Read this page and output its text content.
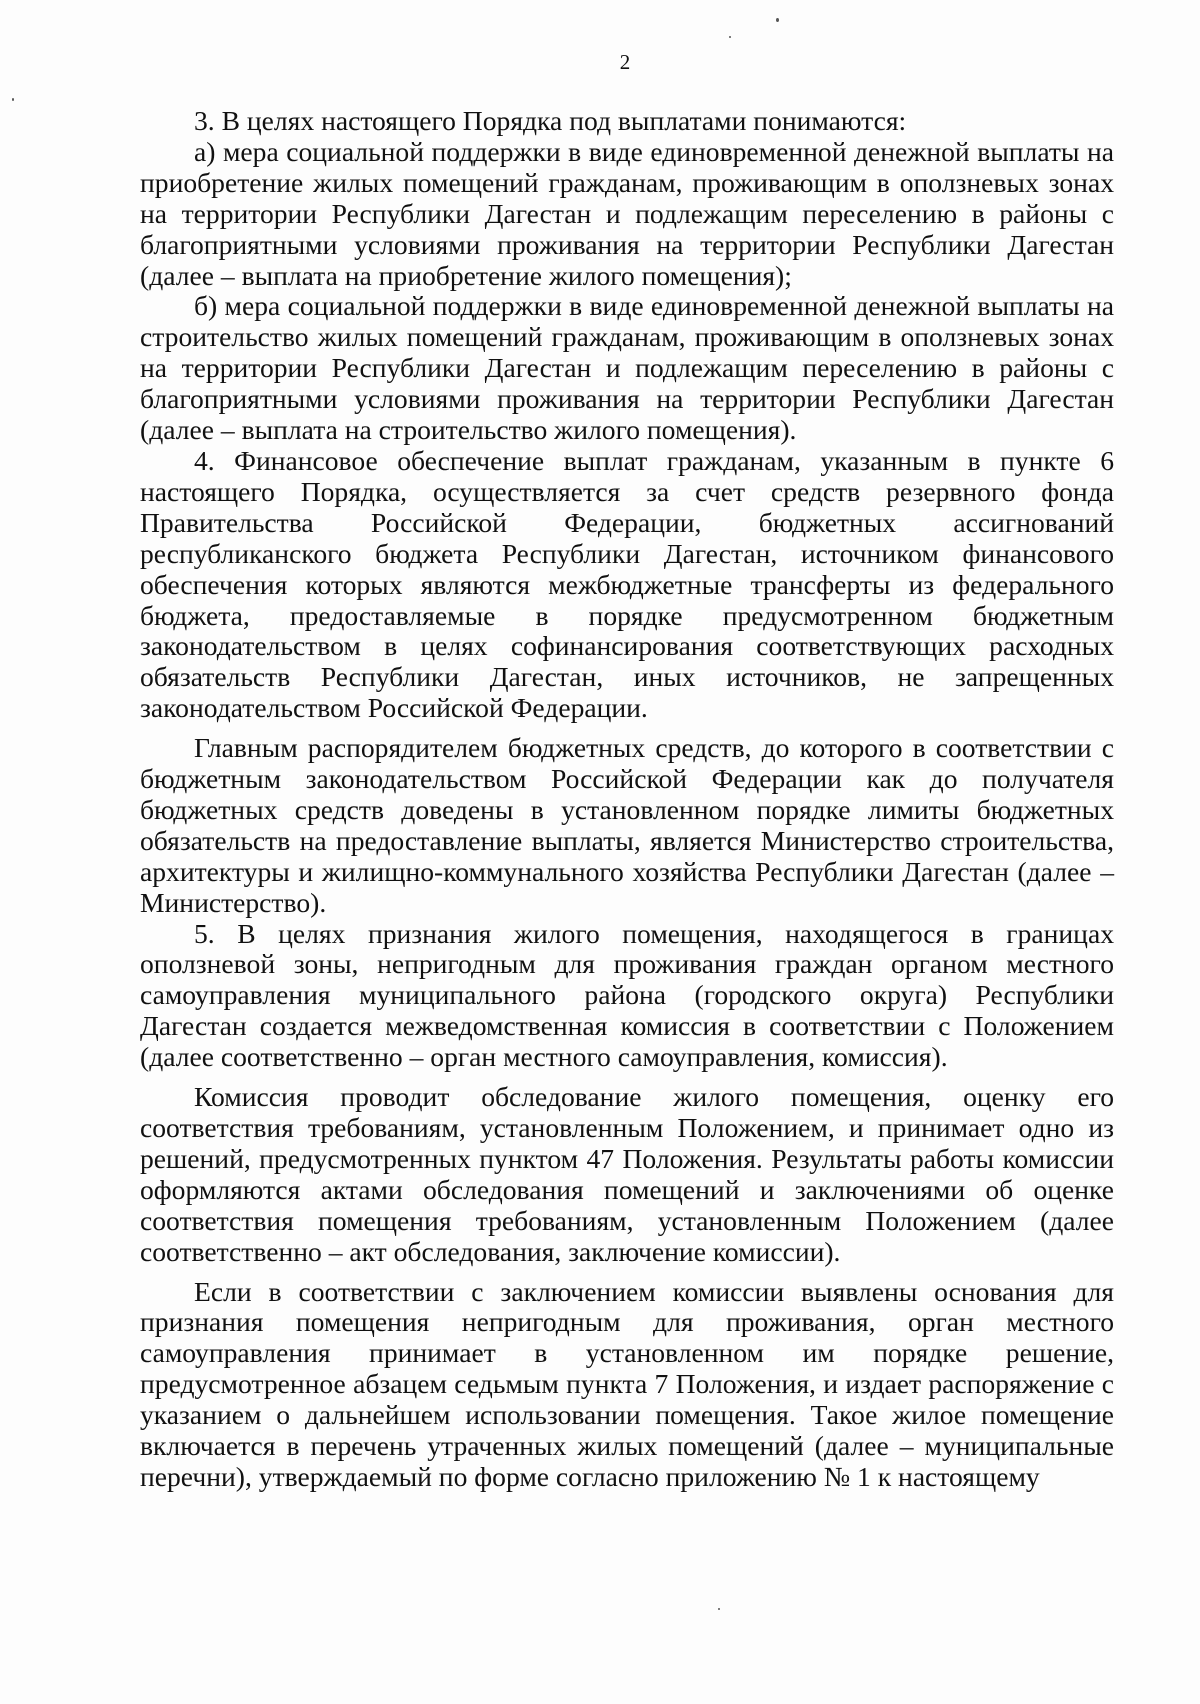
2

3. В целях настоящего Порядка под выплатами понимаются:

а) мера социальной поддержки в виде единовременной денежной выплаты на приобретение жилых помещений гражданам, проживающим в оползневых зонах на территории Республики Дагестан и подлежащим переселению в районы с благоприятными условиями проживания на территории Республики Дагестан (далее – выплата на приобретение жилого помещения);

б) мера социальной поддержки в виде единовременной денежной выплаты на строительство жилых помещений гражданам, проживающим в оползневых зонах на территории Республики Дагестан и подлежащим переселению в районы с благоприятными условиями проживания на территории Республики Дагестан (далее – выплата на строительство жилого помещения).

4. Финансовое обеспечение выплат гражданам, указанным в пункте 6 настоящего Порядка, осуществляется за счет средств резервного фонда Правительства Российской Федерации, бюджетных ассигнований республиканского бюджета Республики Дагестан, источником финансового обеспечения которых являются межбюджетные трансферты из федерального бюджета, предоставляемые в порядке предусмотренном бюджетным законодательством в целях софинансирования соответствующих расходных обязательств Республики Дагестан, иных источников, не запрещенных законодательством Российской Федерации.

Главным распорядителем бюджетных средств, до которого в соответствии с бюджетным законодательством Российской Федерации как до получателя бюджетных средств доведены в установленном порядке лимиты бюджетных обязательств на предоставление выплаты, является Министерство строительства, архитектуры и жилищно-коммунального хозяйства Республики Дагестан (далее – Министерство).

5. В целях признания жилого помещения, находящегося в границах оползневой зоны, непригодным для проживания граждан органом местного самоуправления муниципального района (городского округа) Республики Дагестан создается межведомственная комиссия в соответствии с Положением (далее соответственно – орган местного самоуправления, комиссия).

Комиссия проводит обследование жилого помещения, оценку его соответствия требованиям, установленным Положением, и принимает одно из решений, предусмотренных пунктом 47 Положения. Результаты работы комиссии оформляются актами обследования помещений и заключениями об оценке соответствия помещения требованиям, установленным Положением (далее соответственно – акт обследования, заключение комиссии).

Если в соответствии с заключением комиссии выявлены основания для признания помещения непригодным для проживания, орган местного самоуправления принимает в установленном им порядке решение, предусмотренное абзацем седьмым пункта 7 Положения, и издает распоряжение с указанием о дальнейшем использовании помещения. Такое жилое помещение включается в перечень утраченных жилых помещений (далее – муниципальные перечни), утверждаемый по форме согласно приложению № 1 к настоящему
